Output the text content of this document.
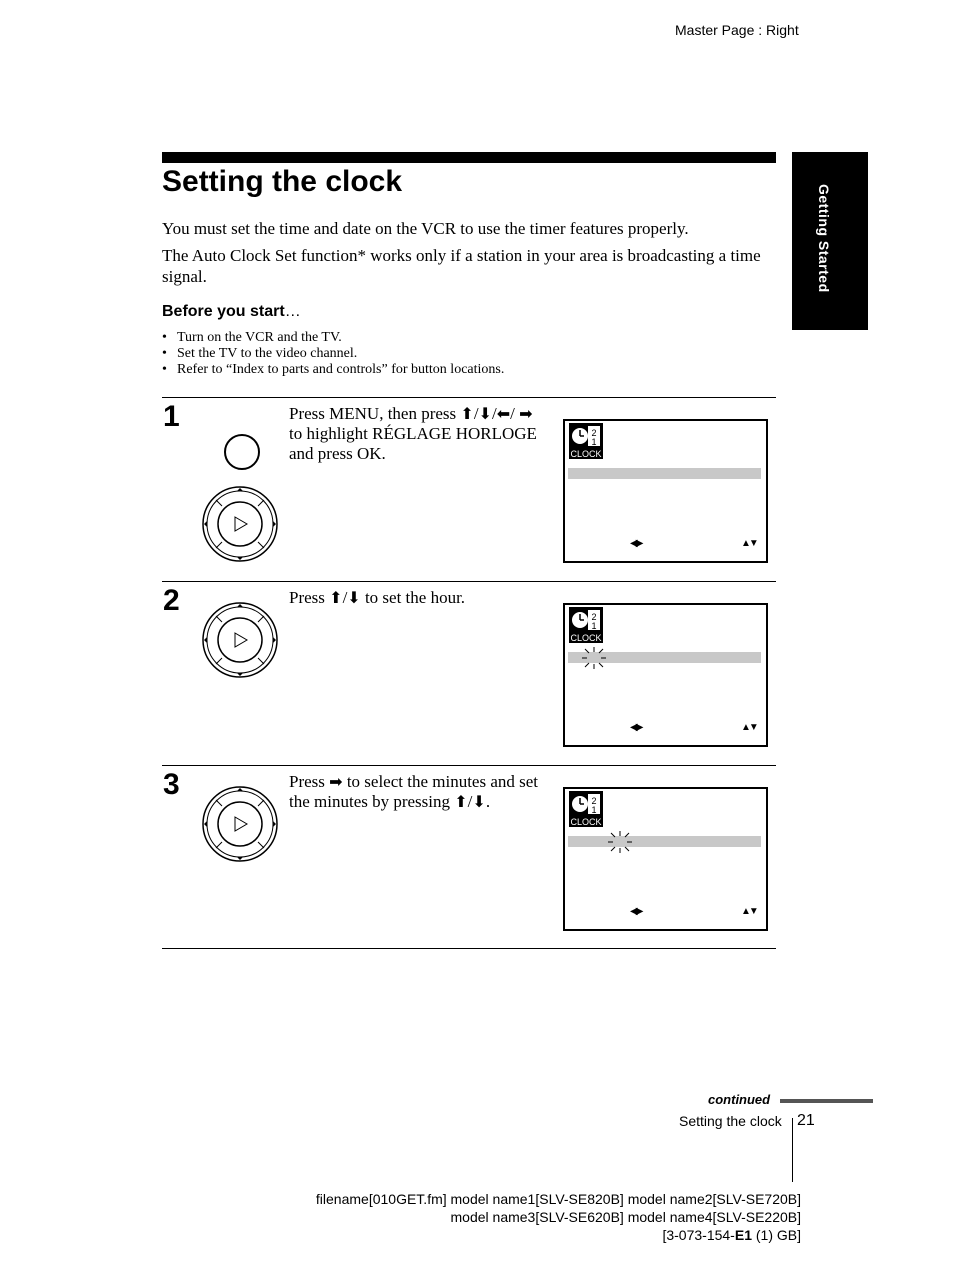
Master Page : Right
Setting the clock
Getting Started
You must set the time and date on the VCR to use the timer features properly.
The Auto Clock Set function* works only if a station in your area is broadcasting a time signal.
Before you start…
• Turn on the VCR and the TV.
• Set the TV to the video channel.
• Refer to “Index to parts and controls” for button locations.
1	Press MENU, then press ⬆/⬇/⬅/ ➡ to highlight RÉGLAGE HORLOGE and press OK.
2
1
CLOCK
◀▶	▲▼
2	Press ⬆/⬇ to set the hour.
2
1
CLOCK
◀▶	▲▼
3	Press ➡ to select the minutes and set the minutes by pressing ⬆/⬇.	2
1
CLOCK
◀▶	▲▼
continued
Setting the clock 21
filename[010GET.fm] model name1[SLV-SE820B] model name2[SLV-SE720B]
model name3[SLV-SE620B] model name4[SLV-SE220B]
[3-073-154-E1 (1) GB]
